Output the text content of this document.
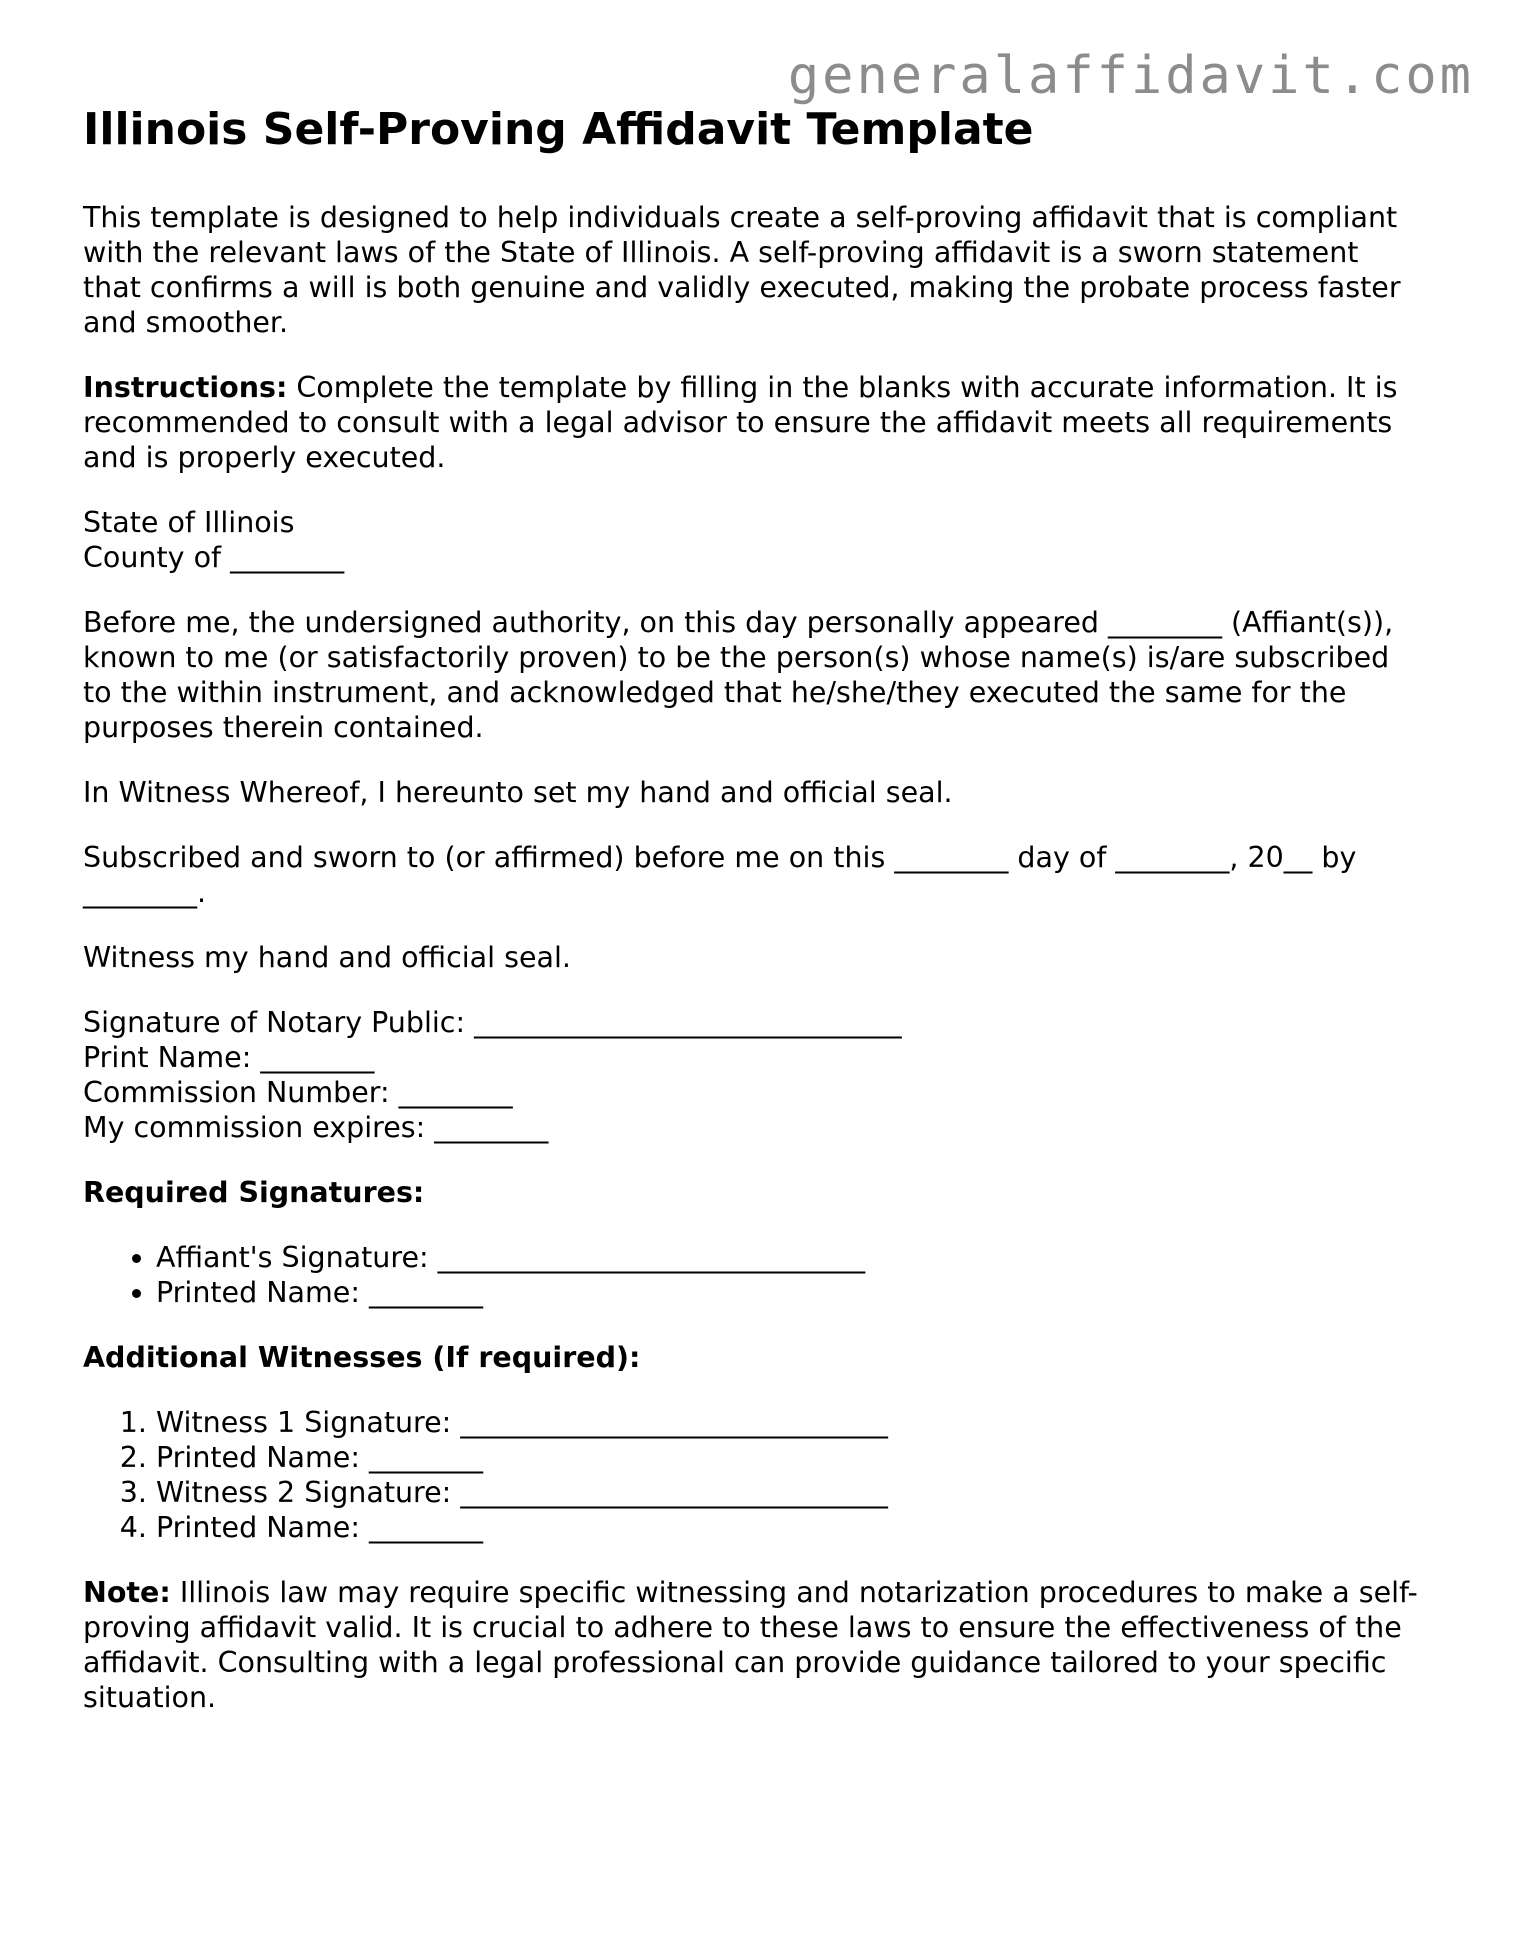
generalaffidavit.com
Illinois Self-Proving Affidavit Template

This template is designed to help individuals create a self-proving affidavit that is compliant with the relevant laws of the State of Illinois. A self-proving affidavit is a sworn statement that confirms a will is both genuine and validly executed, making the probate process faster and smoother.

Instructions: Complete the template by filling in the blanks with accurate information. It is recommended to consult with a legal advisor to ensure the affidavit meets all requirements and is properly executed.

State of Illinois
County of ________

Before me, the undersigned authority, on this day personally appeared ________ (Affiant(s)), known to me (or satisfactorily proven) to be the person(s) whose name(s) is/are subscribed to the within instrument, and acknowledged that he/she/they executed the same for the purposes therein contained.

In Witness Whereof, I hereunto set my hand and official seal.

Subscribed and sworn to (or affirmed) before me on this ________ day of ________, 20__ by ________.

Witness my hand and official seal.

Signature of Notary Public: ______________________________
Print Name: ________
Commission Number: ________
My commission expires: ________

Required Signatures:
• Affiant's Signature: ______________________________
• Printed Name: ________
Additional Witnesses (If required):
1. Witness 1 Signature: ______________________________
2. Printed Name: ________
3. Witness 2 Signature: ______________________________
4. Printed Name: ________

Note: Illinois law may require specific witnessing and notarization procedures to make a self-proving affidavit valid. It is crucial to adhere to these laws to ensure the effectiveness of the affidavit. Consulting with a legal professional can provide guidance tailored to your specific situation.
